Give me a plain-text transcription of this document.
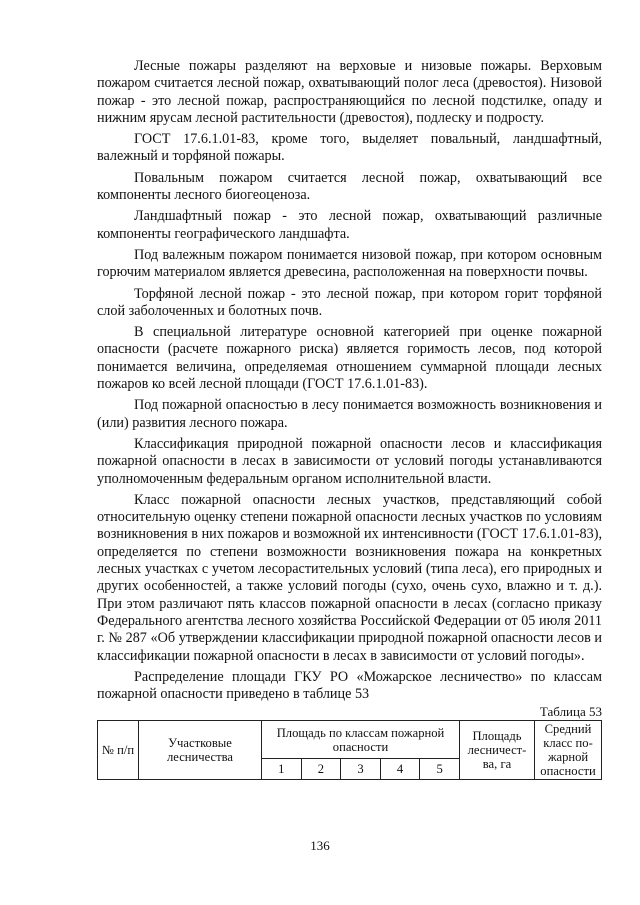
Лесные пожары разделяют на верховые и низовые пожары. Верховым пожаром считается лесной пожар, охватывающий полог леса (древостоя). Низовой пожар - это лесной пожар, распространяющийся по лесной подстилке, опаду и нижним ярусам лесной растительности (древостоя), подлеску и подросту.

ГОСТ 17.6.1.01-83, кроме того, выделяет повальный, ландшафтный, валежный и торфяной пожары.

Повальным пожаром считается лесной пожар, охватывающий все компоненты лесного биогеоценоза.

Ландшафтный пожар - это лесной пожар, охватывающий различные компоненты географического ландшафта.

Под валежным пожаром понимается низовой пожар, при котором основным горючим материалом является древесина, расположенная на поверхности почвы.

Торфяной лесной пожар - это лесной пожар, при котором горит торфяной слой заболоченных и болотных почв.

В специальной литературе основной категорией при оценке пожарной опасности (расчете пожарного риска) является горимость лесов, под которой понимается величина, определяемая отношением суммарной площади лесных пожаров ко всей лесной площади (ГОСТ 17.6.1.01-83).

Под пожарной опасностью в лесу понимается возможность возникновения и (или) развития лесного пожара.

Классификация природной пожарной опасности лесов и классификация пожарной опасности в лесах в зависимости от условий погоды устанавливаются уполномоченным федеральным органом исполнительной власти.

Класс пожарной опасности лесных участков, представляющий собой относительную оценку степени пожарной опасности лесных участков по условиям возникновения в них пожаров и возможной их интенсивности (ГОСТ 17.6.1.01-83), определяется по степени возможности возникновения пожара на конкретных лесных участках с учетом лесорастительных условий (типа леса), его природных и других особенностей, а также условий погоды (сухо, очень сухо, влажно и т. д.). При этом различают пять классов пожарной опасности в лесах (согласно приказу Федерального агентства лесного хозяйства Российской Федерации от 05 июля 2011 г. № 287 «Об утверждении классификации природной пожарной опасности лесов и классификации пожарной опасности в лесах в зависимости от условий погоды».

Распределение площади ГКУ РО «Можарское лесничество» по классам пожарной опасности приведено в таблице 53

Таблица 53
№ п/п	Участковые лесничества	Площадь по классам пожарной опасности					Площадь лесничест-ва, га	Средний класс по-жарной опасности
		1	2	3	4	5		
136
